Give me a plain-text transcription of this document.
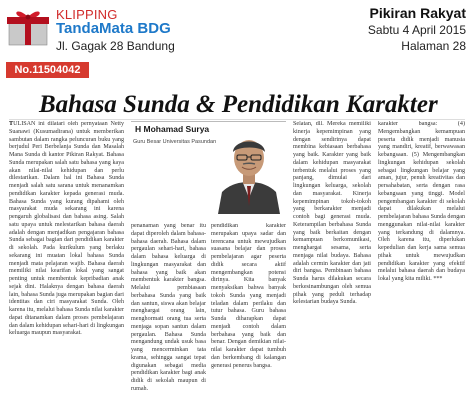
KLIPPING
TandaMata BDG
Jl. Gagak 28 Bandung
No.11504042
Pikiran Rakyat
Sabtu 4 April 2015
Halaman 28
Bahasa Sunda & Pendidikan Karakter

TULISAN ini dilatari oleh pernyataan Netty Suanawi (Kusumadirana) untuk memberikan sambutan dalam rangka peluncuran buku yang berjudul Peri Berbelanja Sunda dan Masalah Mana Sunda di kantor Pikiran Rakyat. Bahasa Sunda merupakan salah satu bahasa yang kaya akan nilai-nilai kehidupan dan perlu dilestarikan. Dalam hal ini Bahasa Sunda menjadi salah satu sarana untuk menanamkan pendidikan karakter kepada generasi muda. Bahasa Sunda yang kurang dipahami oleh masyarakat muda sekarang ini karena pengaruh globalisasi dan bahasa asing. Salah satu upaya untuk melestarikan bahasa daerah adalah dengan menjadikan pengajaran bahasa Sunda sebagai bagian dari pendidikan karakter di sekolah. Pada kurikulum yang berlaku sekarang ini muatan lokal bahasa Sunda menjadi mata pelajaran wajib. Bahasa daerah memiliki nilai kearifan lokal yang sangat penting untuk membentuk kepribadian anak sejak dini. Halaknya dengan bahasa daerah lain, bahasa Sunda juga merupakan bagian dari identitas dan ciri masyarakat Sunda. Oleh karena itu, melalui bahasa Sunda nilai karakter dapat ditanamkan dalam proses pembelajaran dan dalam kehidupan sehari-hari di lingkungan keluarga maupun masyarakat.

H Mohamad Surya
Guru Besar Universitas Pasundan

penanaman yang benar itu dapat diperoleh dalam bahasa-bahasa daerah. Bahasa dalam pergaulan sehari-hari, bahasa dalam bahasa keluarga di lingkungan masyarakat dan bahasa yang baik akan membentuk karakter bangsa. Melalui pembiasaan berbahasa Sunda yang baik dan santun, siswa akan belajar menghargai orang lain, menghormati orang tua serta menjaga sopan santun dalam pergaulan. Bahasa Sunda mengandung undak usuk basa yang mencerminkan tata krama, sehingga sangat tepat digunakan sebagai media pendidikan karakter bagi anak didik di sekolah maupun di rumah.

pendidikan karakter merupakan upaya sadar dan terencana untuk mewujudkan suasana belajar dan proses pembelajaran agar peserta didik secara aktif mengembangkan potensi dirinya. Kita banyak menyaksikan bahwa banyak tokoh Sunda yang menjadi teladan dalam perilaku dan tutur bahasa. Guru bahasa Sunda diharapkan dapat menjadi contoh dalam berbahasa yang baik dan benar. Dengan demikian nilai-nilai karakter dapat tumbuh dan berkembang di kalangan generasi penerus bangsa.

Selatan, dll. Mereka memiliki kinerja kepemimpinan yang dengan sendirinya dapat membina kebiasaan berbahasa yang baik. Karakter yang baik dalam kehidupan masyarakat terbentuk melalui proses yang panjang, dimulai dari lingkungan keluarga, sekolah dan masyarakat. Kinerja kepemimpinan tokoh-tokoh yang berkarakter menjadi contoh bagi generasi muda. Keterampilan berbahasa Sunda yang baik berkaitan dengan kemampuan berkomunikasi, menghargai sesama, serta menjaga nilai budaya. Bahasa adalah cermin karakter dan jati diri bangsa. Pembinaan bahasa Sunda harus dilakukan secara berkesinambungan oleh semua pihak yang peduli terhadap kelestarian budaya Sunda.

karakter bangsa: (4) Mengembangkan kemampuan peserta didik menjadi manusia yang mandiri, kreatif, berwawasan kebangsaan. (5) Mengembangkan lingkungan kehidupan sekolah sebagai lingkungan belajar yang aman, jujur, penuh kreativitas dan persahabatan, serta dengan rasa kebangsaan yang tinggi. Model pengembangan karakter di sekolah dapat dilakukan melalui pembelajaran bahasa Sunda dengan menggunakan nilai-nilai karakter yang terkandung di dalamnya. Oleh karena itu, diperlukan kepedulian dan kerja sama semua pihak untuk mewujudkan pendidikan karakter yang efektif melalui bahasa daerah dan budaya lokal yang kita miliki. ***
